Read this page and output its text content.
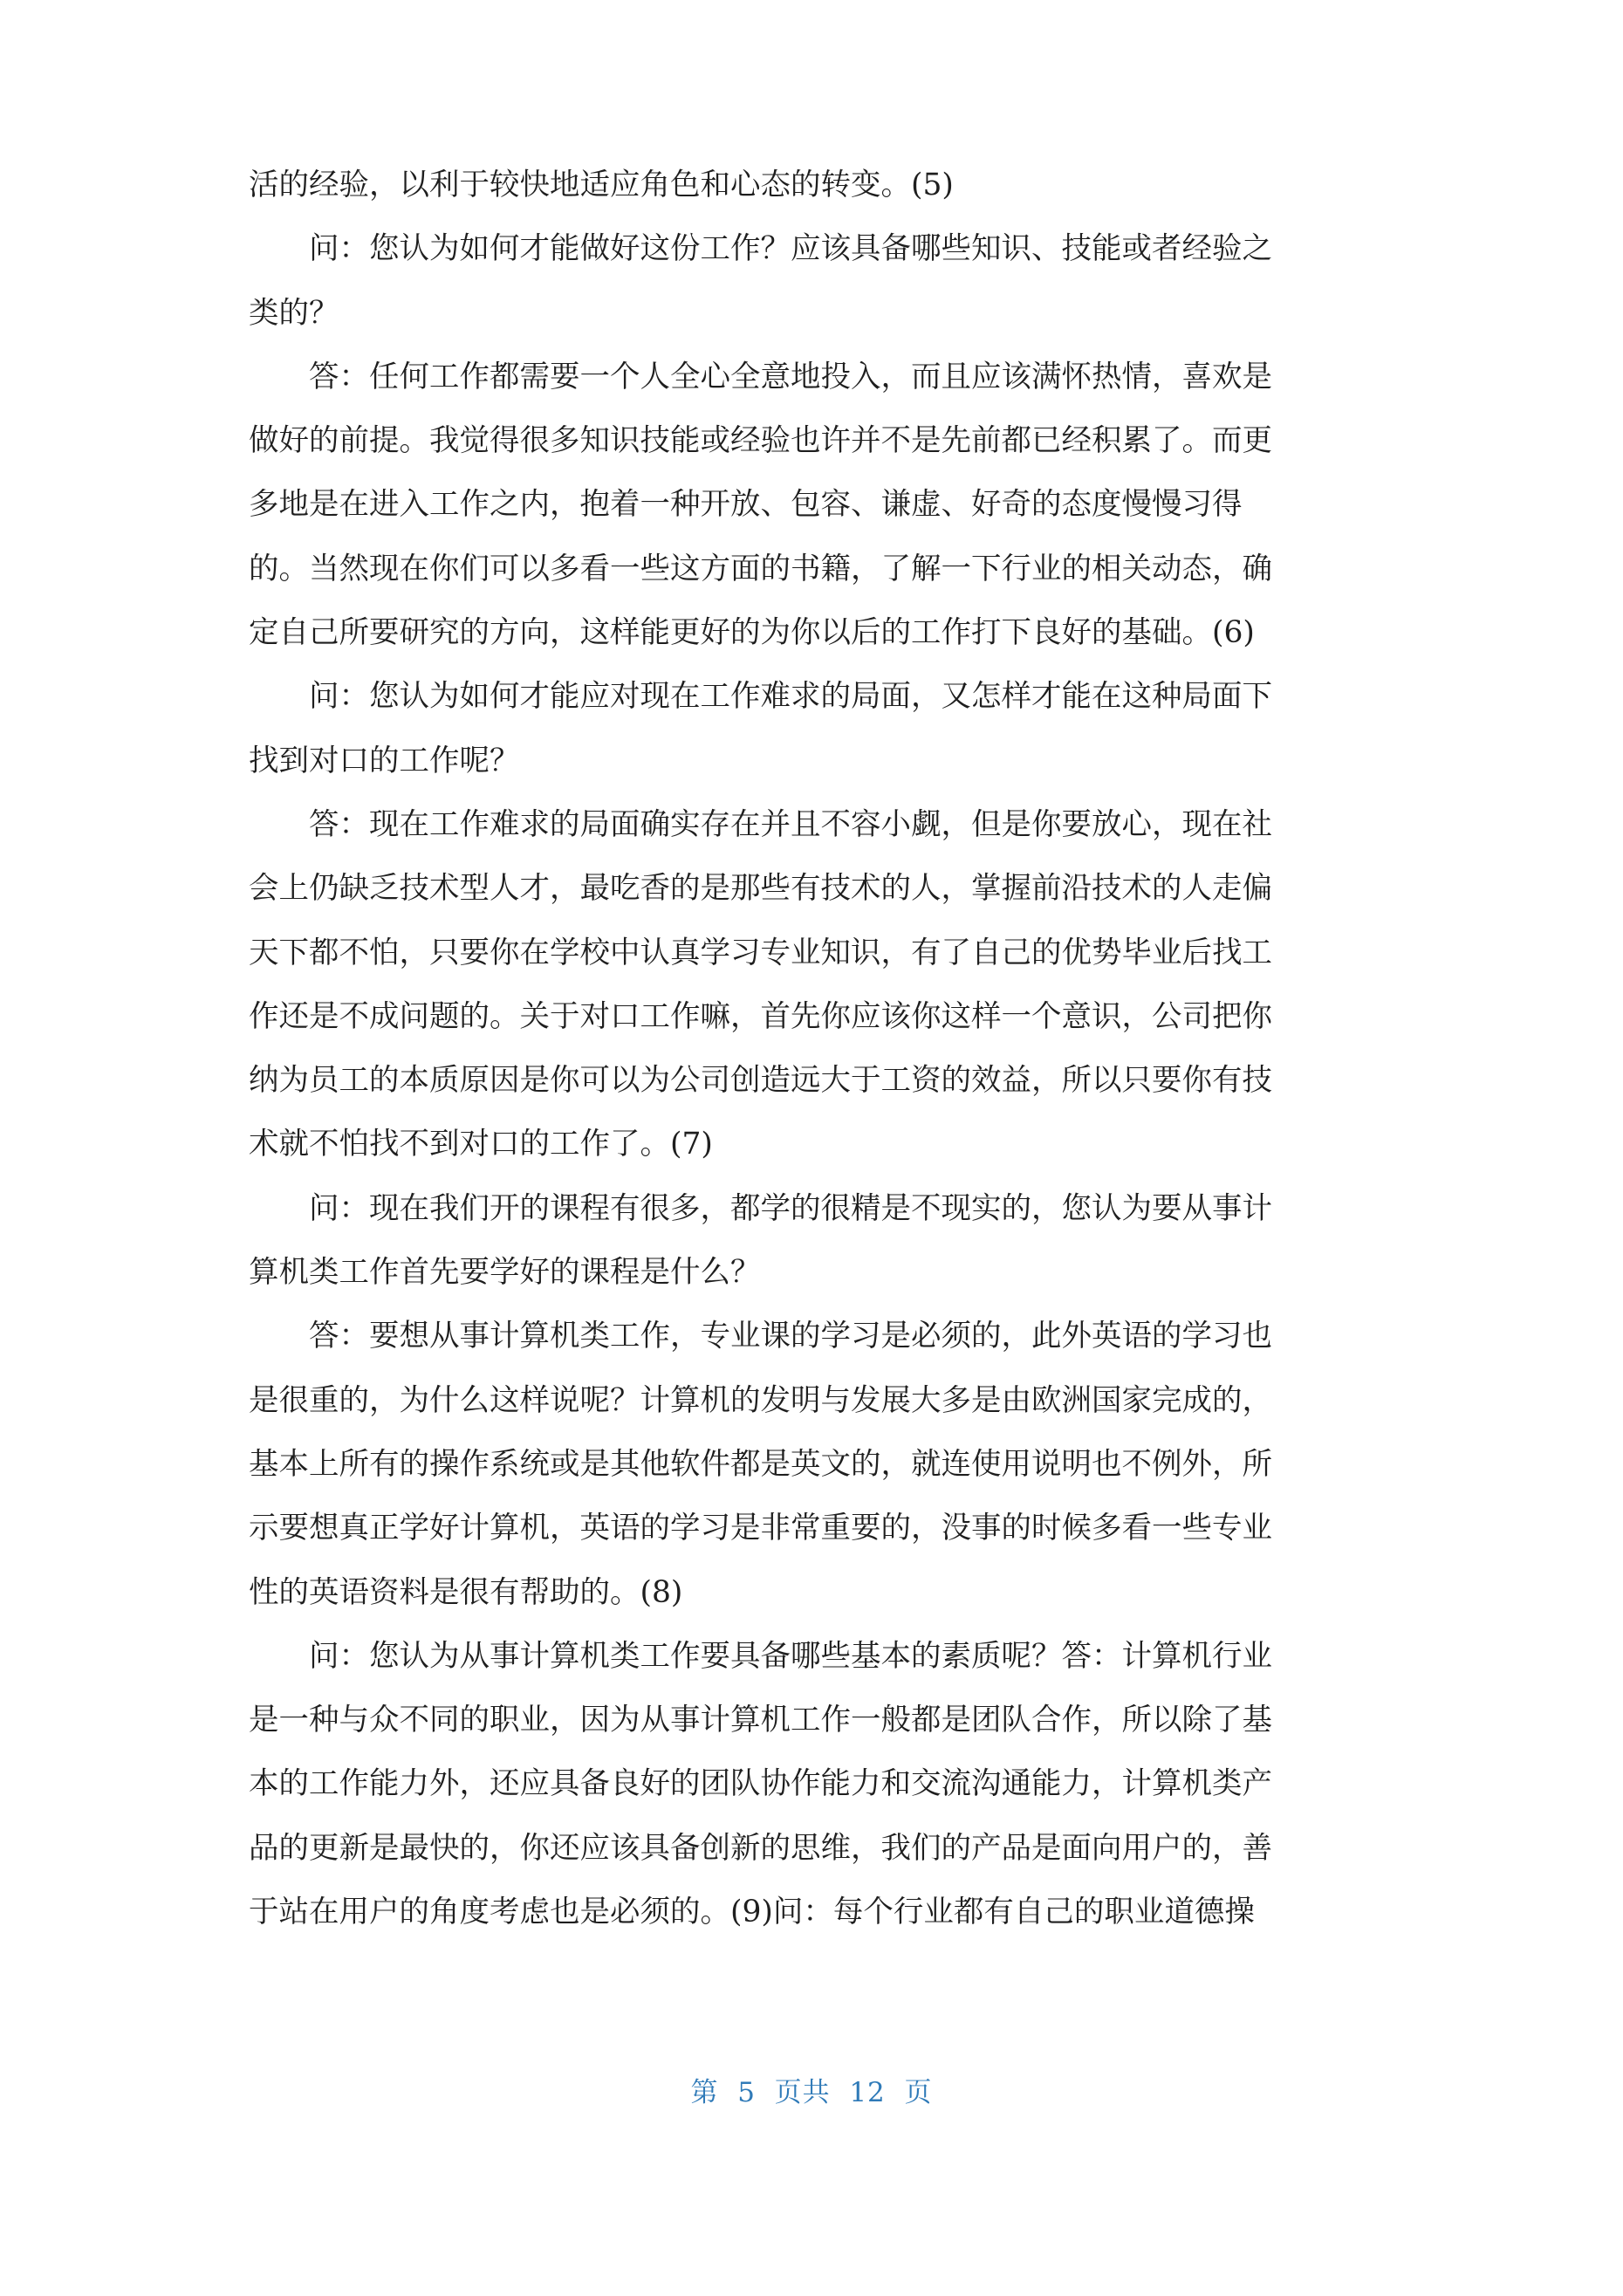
活的经验，以利于较快地适应角色和心态的转变。(5)

问：您认为如何才能做好这份工作？应该具备哪些知识、技能或者经验之

类的？

答：任何工作都需要一个人全心全意地投入，而且应该满怀热情，喜欢是

做好的前提。我觉得很多知识技能或经验也许并不是先前都已经积累了。而更

多地是在进入工作之内，抱着一种开放、包容、谦虚、好奇的态度慢慢习得

的。当然现在你们可以多看一些这方面的书籍，了解一下行业的相关动态，确

定自己所要研究的方向，这样能更好的为你以后的工作打下良好的基础。(6)

问：您认为如何才能应对现在工作难求的局面，又怎样才能在这种局面下

找到对口的工作呢？

答：现在工作难求的局面确实存在并且不容小觑，但是你要放心，现在社

会上仍缺乏技术型人才，最吃香的是那些有技术的人，掌握前沿技术的人走偏

天下都不怕，只要你在学校中认真学习专业知识，有了自己的优势毕业后找工

作还是不成问题的。关于对口工作嘛，首先你应该你这样一个意识，公司把你

纳为员工的本质原因是你可以为公司创造远大于工资的效益，所以只要你有技

术就不怕找不到对口的工作了。(7)

问：现在我们开的课程有很多，都学的很精是不现实的，您认为要从事计

算机类工作首先要学好的课程是什么？

答：要想从事计算机类工作，专业课的学习是必须的，此外英语的学习也

是很重的，为什么这样说呢？计算机的发明与发展大多是由欧洲国家完成的，

基本上所有的操作系统或是其他软件都是英文的，就连使用说明也不例外，所

示要想真正学好计算机，英语的学习是非常重要的，没事的时候多看一些专业

性的英语资料是很有帮助的。(8)

问：您认为从事计算机类工作要具备哪些基本的素质呢？答：计算机行业

是一种与众不同的职业，因为从事计算机工作一般都是团队合作，所以除了基

本的工作能力外，还应具备良好的团队协作能力和交流沟通能力，计算机类产

品的更新是最快的，你还应该具备创新的思维，我们的产品是面向用户的，善

于站在用户的角度考虑也是必须的。(9)问：每个行业都有自己的职业道德操

第  5  页共  12  页
